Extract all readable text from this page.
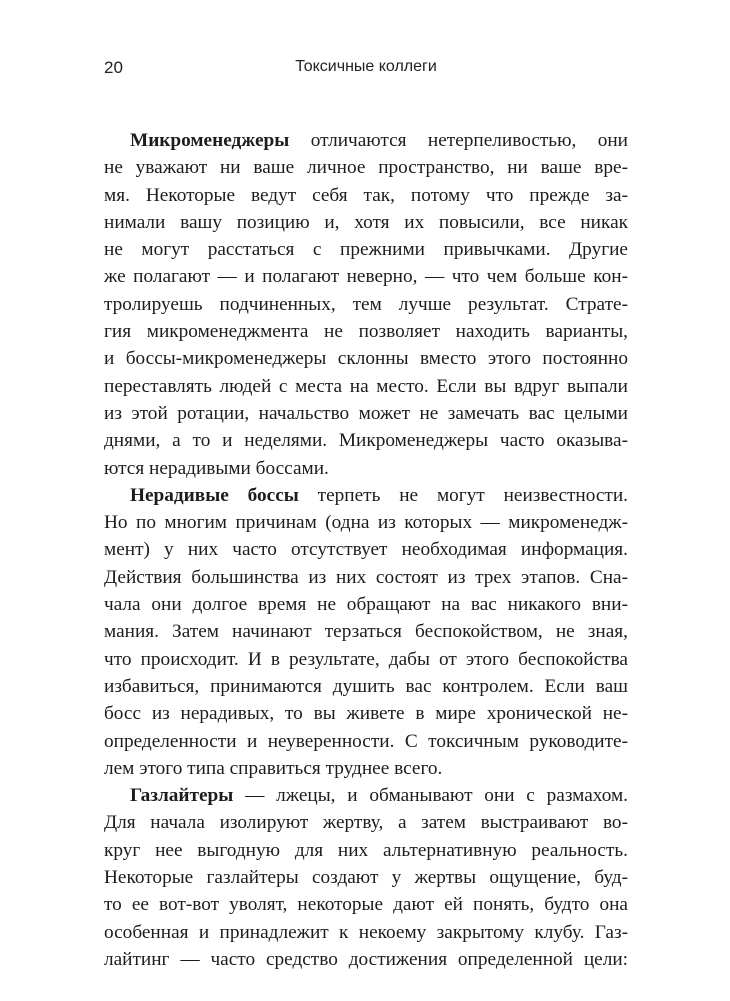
20	Токсичные коллеги

Микроменеджеры отличаются нетерпеливостью, они
не уважают ни ваше личное пространство, ни ваше вре-
мя. Некоторые ведут себя так, потому что прежде за-
нимали вашу позицию и, хотя их повысили, все никак
не могут расстаться с прежними привычками. Другие
же полагают — и полагают неверно, — что чем больше кон-
тролируешь подчиненных, тем лучше результат. Страте-
гия микроменеджмента не позволяет находить варианты,
и боссы-микроменеджеры склонны вместо этого постоянно
переставлять людей с места на место. Если вы вдруг выпали
из этой ротации, начальство может не замечать вас целыми
днями, а то и неделями. Микроменеджеры часто оказыва-
ются нерадивыми боссами.

Нерадивые боссы терпеть не могут неизвестности.
Но по многим причинам (одна из которых — микроменедж-
мент) у них часто отсутствует необходимая информация.
Действия большинства из них состоят из трех этапов. Сна-
чала они долгое время не обращают на вас никакого вни-
мания. Затем начинают терзаться беспокойством, не зная,
что происходит. И в результате, дабы от этого беспокойства
избавиться, принимаются душить вас контролем. Если ваш
босс из нерадивых, то вы живете в мире хронической не-
определенности и неуверенности. С токсичным руководите-
лем этого типа справиться труднее всего.

Газлайтеры — лжецы, и обманывают они с размахом.
Для начала изолируют жертву, а затем выстраивают во-
круг нее выгодную для них альтернативную реальность.
Некоторые газлайтеры создают у жертвы ощущение, буд-
то ее вот-вот уволят, некоторые дают ей понять, будто она
особенная и принадлежит к некоему закрытому клубу. Газ-
лайтинг — часто средство достижения определенной цели:
